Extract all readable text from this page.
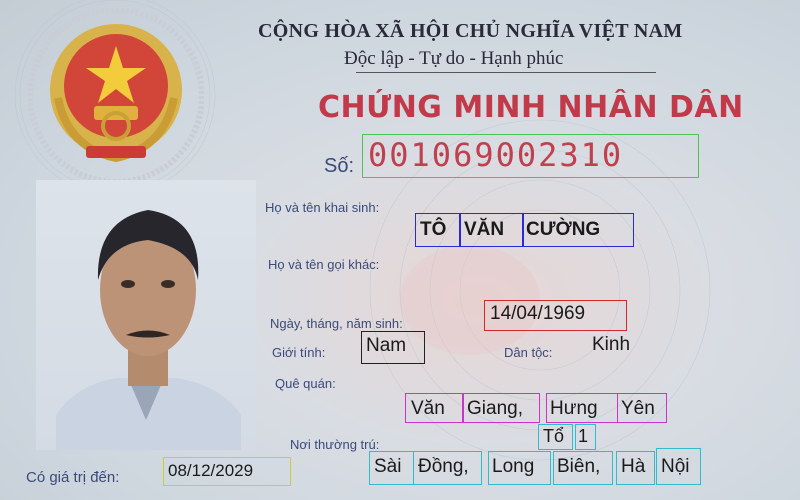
CỘNG HÒA XÃ HỘI CHỦ NGHĨA VIỆT NAM
Độc lập - Tự do - Hạnh phúc
CHỨNG MINH NHÂN DÂN
Số: 001069002310
Họ và tên khai sinh:
TÔ VĂN CƯỜNG
Họ và tên gọi khác:
Ngày, tháng, năm sinh:	14/04/1969
Giới tính: Nam	Dân tộc: Kinh
Quê quán:
Văn Giang, Hưng Yên
Tổ 1
Nơi thường trú:
Sài Đồng, Long Biên, Hà Nội
Có giá trị đến:	08/12/2029
